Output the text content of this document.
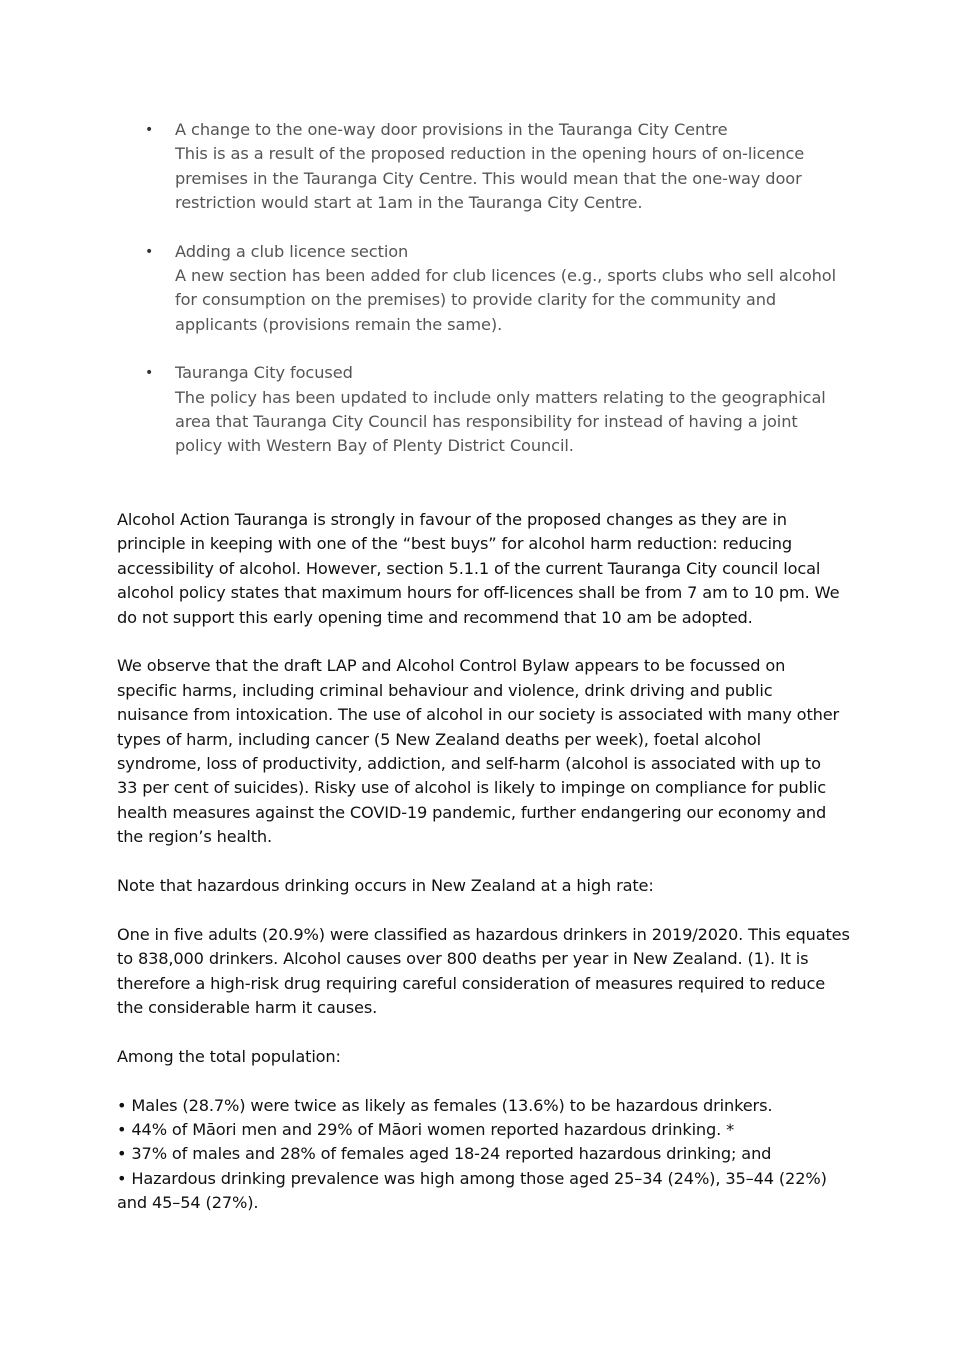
• A change to the one-way door provisions in the Tauranga City Centre
This is as a result of the proposed reduction in the opening hours of on-licence
premises in the Tauranga City Centre. This would mean that the one-way door
restriction would start at 1am in the Tauranga City Centre.
• Adding a club licence section
A new section has been added for club licences (e.g., sports clubs who sell alcohol
for consumption on the premises) to provide clarity for the community and
applicants (provisions remain the same).
• Tauranga City focused
The policy has been updated to include only matters relating to the geographical
area that Tauranga City Council has responsibility for instead of having a joint
policy with Western Bay of Plenty District Council.

Alcohol Action Tauranga is strongly in favour of the proposed changes as they are in
principle in keeping with one of the “best buys” for alcohol harm reduction: reducing
accessibility of alcohol. However, section 5.1.1 of the current Tauranga City council local
alcohol policy states that maximum hours for off-licences shall be from 7 am to 10 pm. We
do not support this early opening time and recommend that 10 am be adopted.

We observe that the draft LAP and Alcohol Control Bylaw appears to be focussed on
specific harms, including criminal behaviour and violence, drink driving and public
nuisance from intoxication. The use of alcohol in our society is associated with many other
types of harm, including cancer (5 New Zealand deaths per week), foetal alcohol
syndrome, loss of productivity, addiction, and self-harm (alcohol is associated with up to
33 per cent of suicides). Risky use of alcohol is likely to impinge on compliance for public
health measures against the COVID-19 pandemic, further endangering our economy and
the region’s health.

Note that hazardous drinking occurs in New Zealand at a high rate:

One in five adults (20.9%) were classified as hazardous drinkers in 2019/2020. This equates
to 838,000 drinkers. Alcohol causes over 800 deaths per year in New Zealand. (1). It is
therefore a high-risk drug requiring careful consideration of measures required to reduce
the considerable harm it causes.

Among the total population:

• Males (28.7%) were twice as likely as females (13.6%) to be hazardous drinkers.
• 44% of Māori men and 29% of Māori women reported hazardous drinking. *
• 37% of males and 28% of females aged 18-24 reported hazardous drinking; and
• Hazardous drinking prevalence was high among those aged 25–34 (24%), 35–44 (22%)
and 45–54 (27%).
